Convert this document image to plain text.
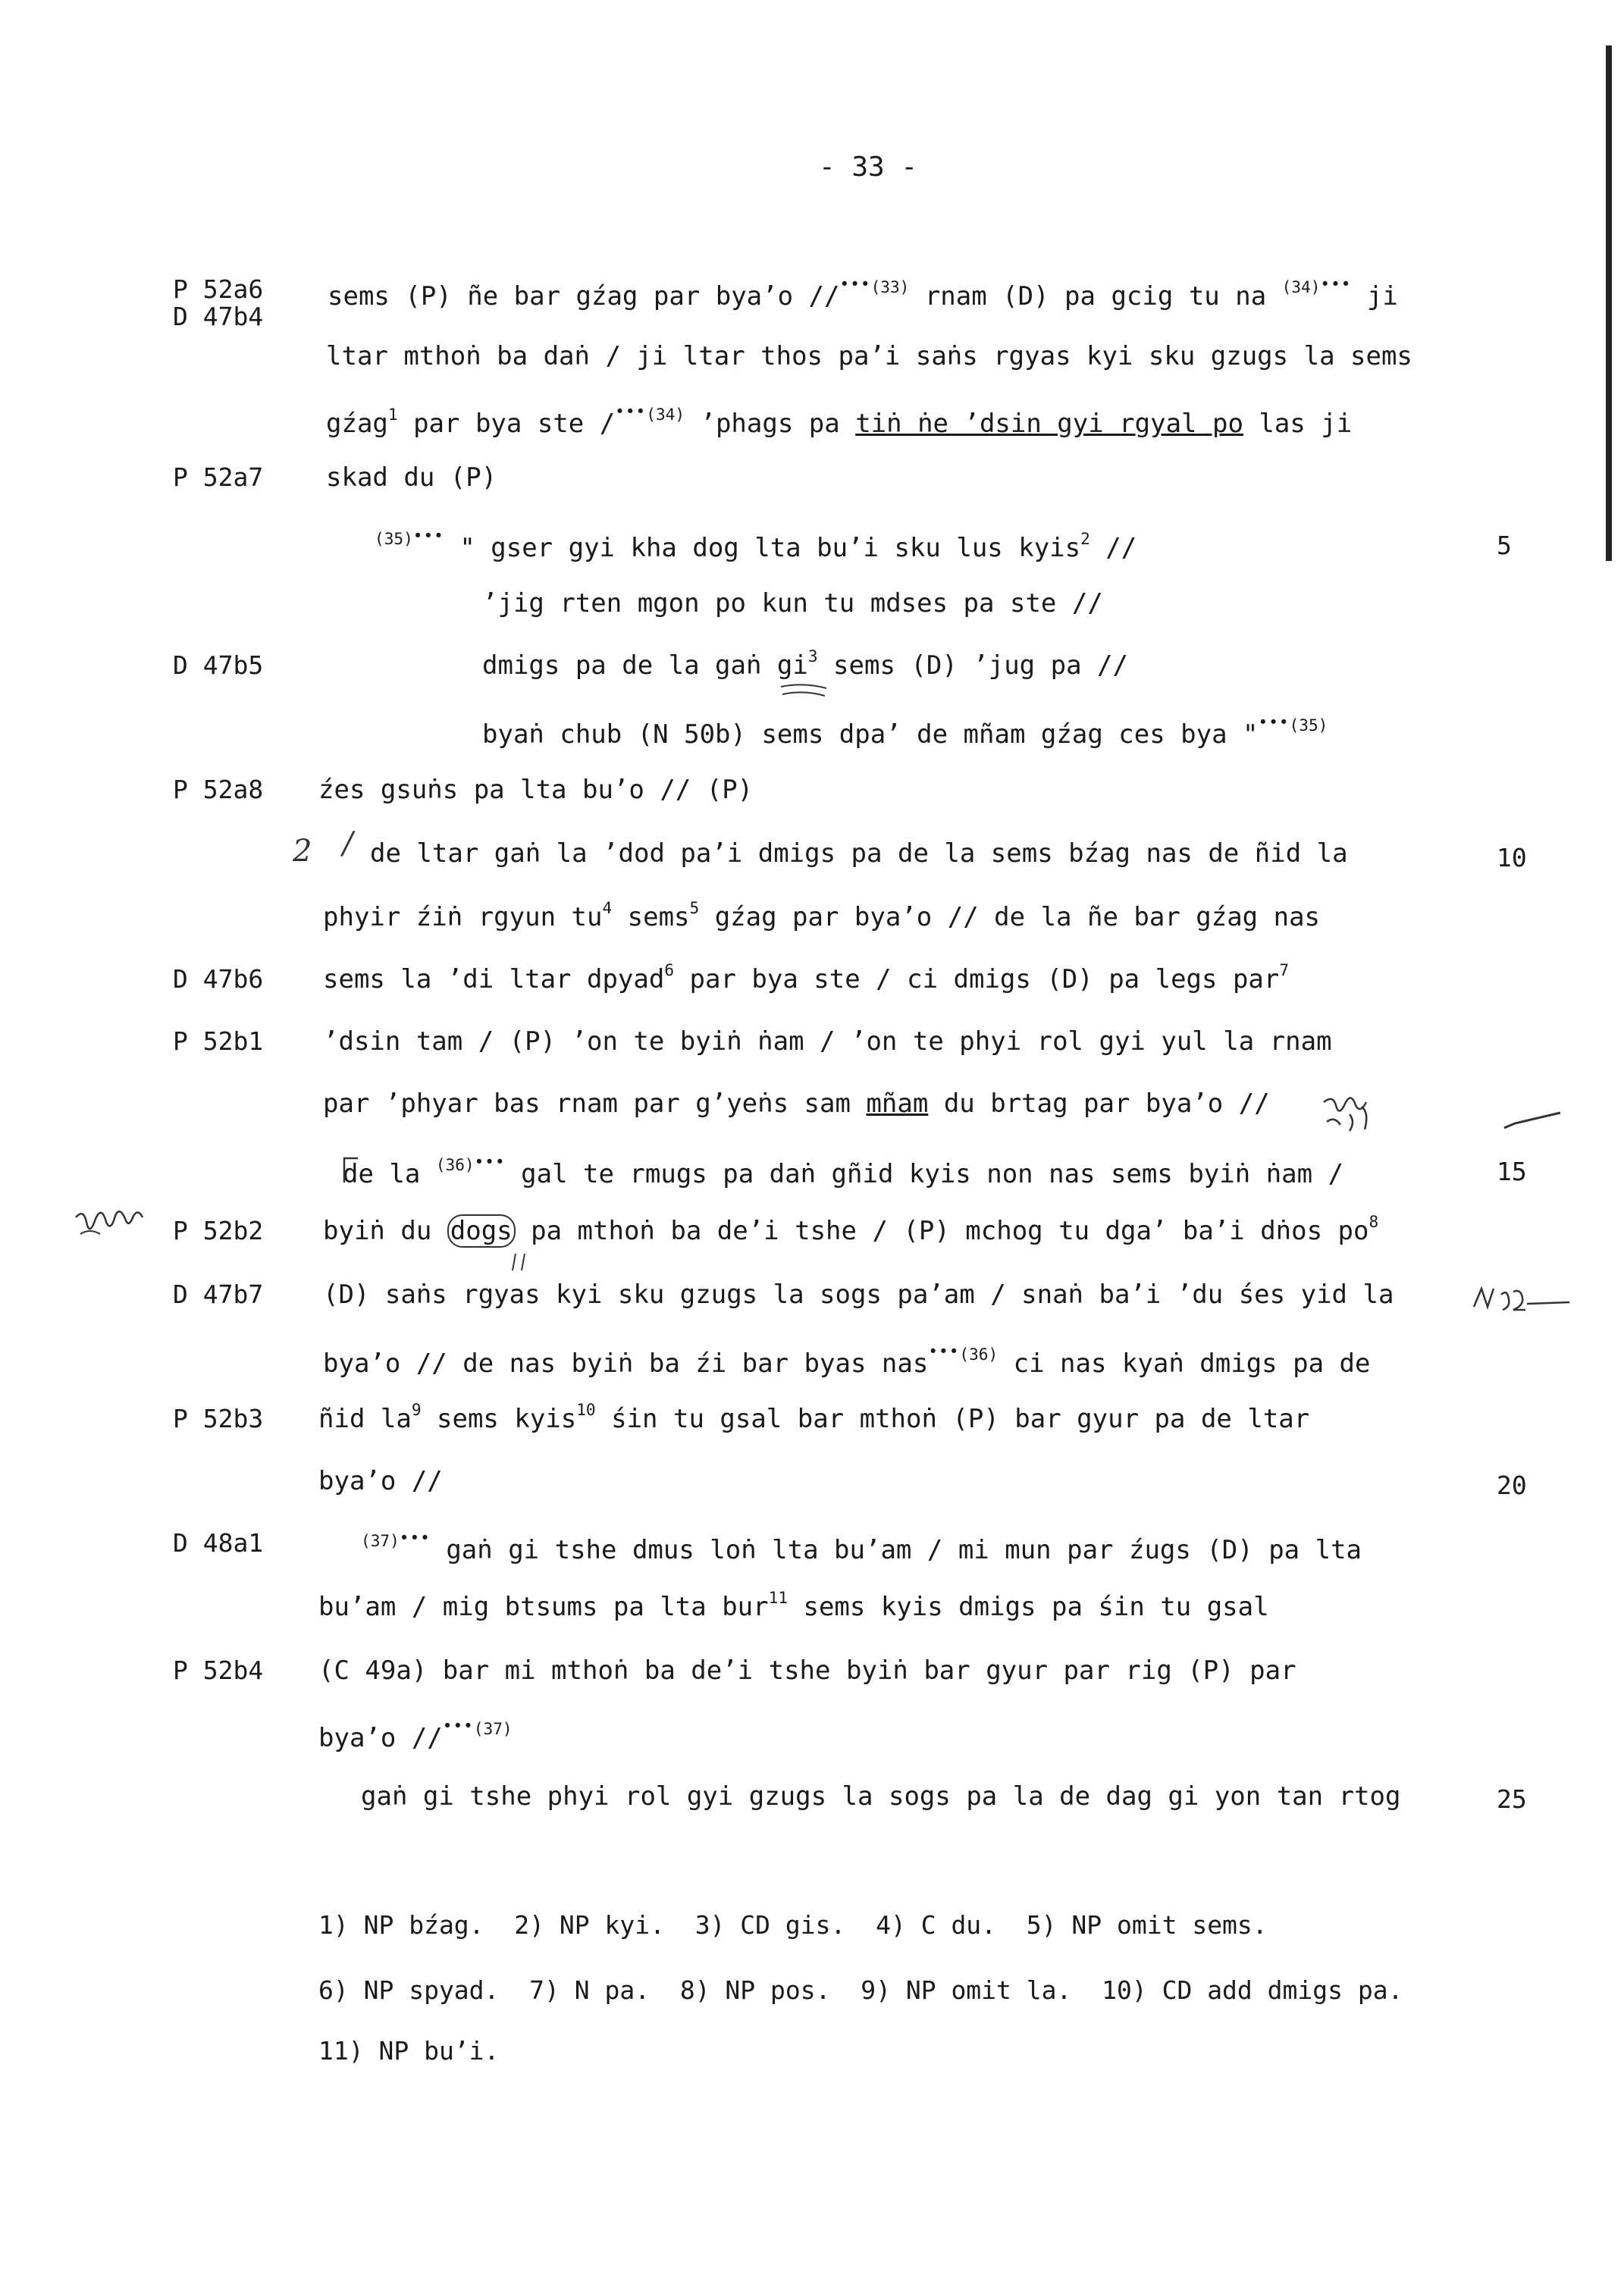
- 33 -
P 52a6
D 47b4
P 52a7
D 47b5
P 52a8
D 47b6
P 52b1
P 52b2
D 47b7
P 52b3
D 48a1
P 52b4
5
10
15
20
25
sems (P) ñe bar gźag par bya’o //$^{•••(33)}$ rnam (D) pa gcig tu na $^{(34)•••}$ ji
ltar mthoṅ ba daṅ / ji ltar thos pa’i saṅs rgyas kyi sku gzugs la sems
gźag$^1$ par bya ste /$^{•••(34)}$ ’phags pa tiṅ ṅe ’dsin gyi rgyal po las ji
skad du (P)
$^{(35)•••}$ " gser gyi kha dog lta bu’i sku lus kyis$^2$ //
’jig rten mgon po kun tu mdses pa ste //
dmigs pa de la gaṅ $gi^3$ sems (D) ’jug pa //
byaṅ chub (N 50b) sems dpa’ de mñam gźag ces bya "$^{•••(35)}$
źes gsuṅs pa lta bu’o // (P)
2 / de ltar gaṅ la ’dod pa’i dmigs pa de la sems bźag nas de ñid la
phyir źiṅ rgyun $tu^4$ sems$^5$ gźag par bya’o // de la ñe bar gźag nas
sems la ’di ltar dpyad$^6$ par bya ste / ci dmigs (D) pa legs par$^7$
’dsin tam / (P) ’on te byiṅ ṅam / ’on te phyi rol gyi yul la rnam
par ’phyar bas rnam par g’yeṅs sam mñam du brtag par bya’o //
de la $^{(36)•••}$ gal te rmugs pa daṅ gñid kyis non nas sems byiṅ ṅam /
byiṅ du dogs pa mthoṅ ba de’i tshe / (P) mchog tu dga’ ba’i dṅos $po^8$
(D) saṅs rgyas kyi sku gzugs la sogs pa’am / snaṅ ba’i ’du śes yid la
bya’o // de nas byiṅ ba źi bar byas nas$^{•••(36)}$ ci nas kyaṅ dmigs pa de
ñid $la^9$ sems kyis$^{10}$ śin tu gsal bar mthoṅ (P) bar gyur pa de ltar
bya’o //
$^{(37)•••}$ gaṅ gi tshe dmus loṅ lta bu’am / mi mun par źugs (D) pa lta
bu’am / mig btsums pa lta bur$^{11}$ sems kyis dmigs pa śin tu gsal
(C 49a) bar mi mthoṅ ba de’i tshe byiṅ bar gyur par rig (P) par
bya’o //$^{•••(37)}$
gaṅ gi tshe phyi rol gyi gzugs la sogs pa la de dag gi yon tan rtog
1) NP bźag.  2) NP kyi.  3) CD gis.  4) C du.  5) NP omit sems.
6) NP spyad.  7) N pa.  8) NP pos.  9) NP omit la.  10) CD add dmigs pa.
11) NP bu’i.
